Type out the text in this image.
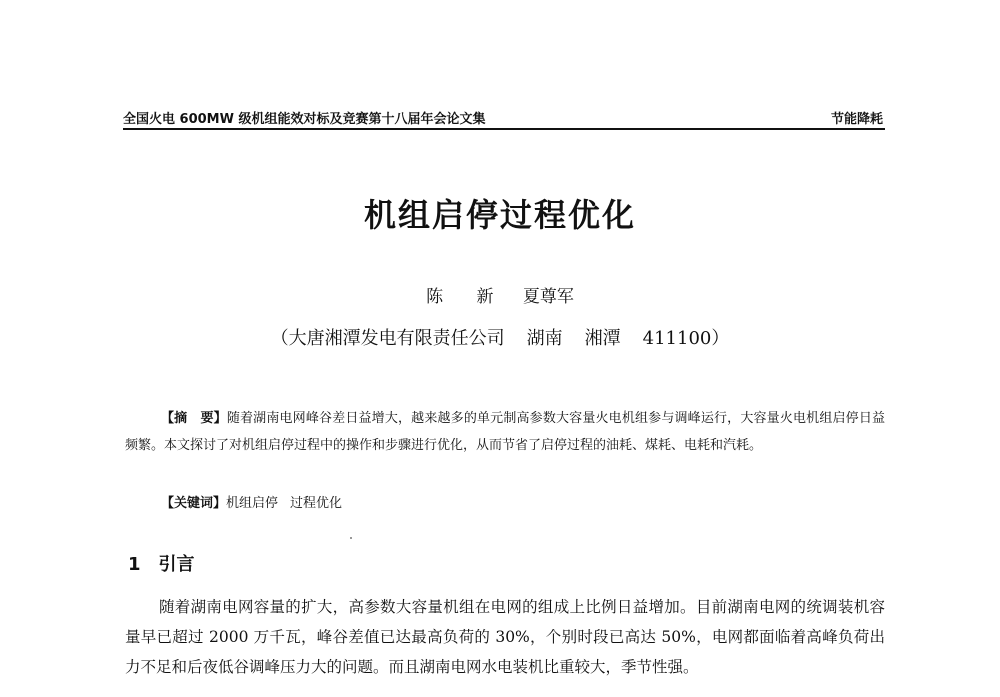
全国火电 600MW 级机组能效对标及竞赛第十八届年会论文集	节能降耗
机组启停过程优化
陈 新 夏尊军
（大唐湘潭发电有限责任公司 湖南 湘潭 411100）
【摘　要】随着湖南电网峰谷差日益增大，越来越多的单元制高参数大容量火电机组参与调峰运行，大容量火电机组启停日益频繁。本文探讨了对机组启停过程中的操作和步骤进行优化，从而节省了启停过程的油耗、煤耗、电耗和汽耗。
【关键词】机组启停 过程优化
1 引言
随着湖南电网容量的扩大，高参数大容量机组在电网的组成上比例日益增加。目前湖南电网的统调装机容量早已超过 2000 万千瓦，峰谷差值已达最高负荷的 30%，个别时段已高达 50%，电网都面临着高峰负荷出力不足和后夜低谷调峰压力大的问题。而且湖南电网水电装机比重较大，季节性强。
